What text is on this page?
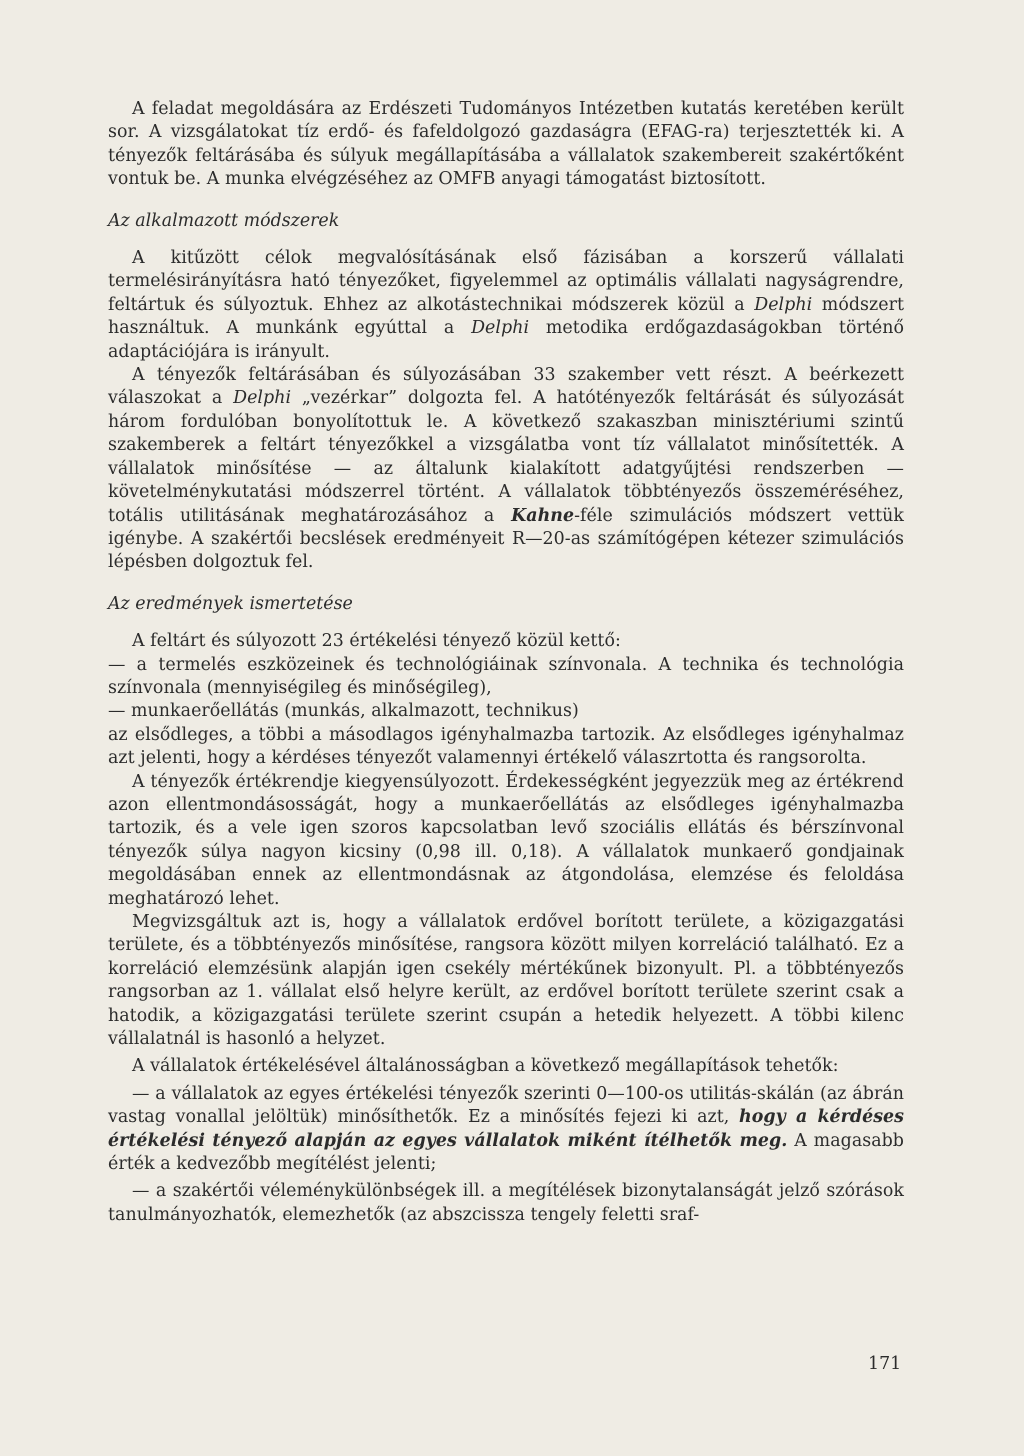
A feladat megoldására az Erdészeti Tudományos Intézetben kutatás keretében került sor. A vizsgálatokat tíz erdő- és fafeldolgozó gazdaságra (EFAG-ra) terjesztették ki. A tényezők feltárásába és súlyuk megállapításába a vállalatok szakembereit szakértőként vontuk be. A munka elvégzéséhez az OMFB anyagi támogatást biztosított.

Az alkalmazott módszerek

A kitűzött célok megvalósításának első fázisában a korszerű vállalati termelésirányításra ható tényezőket, figyelemmel az optimális vállalati nagyságrendre, feltártuk és súlyoztuk. Ehhez az alkotástechnikai módszerek közül a Delphi módszert használtuk. A munkánk egyúttal a Delphi metodika erdőgazdaságokban történő adaptációjára is irányult.

A tényezők feltárásában és súlyozásában 33 szakember vett részt. A beérkezett válaszokat a Delphi „vezérkar” dolgozta fel. A hatótényezők feltárását és súlyozását három fordulóban bonyolítottuk le. A következő szakaszban minisztériumi szintű szakemberek a feltárt tényezőkkel a vizsgálatba vont tíz vállalatot minősítették. A vállalatok minősítése — az általunk kialakított adatgyűjtési rendszerben — követelménykutatási módszerrel történt. A vállalatok többtényezős összeméréséhez, totális utilitásának meghatározásához a Kahne-féle szimulációs módszert vettük igénybe. A szakértői becslések eredményeit R—20-as számítógépen kétezer szimulációs lépésben dolgoztuk fel.

Az eredmények ismertetése

A feltárt és súlyozott 23 értékelési tényező közül kettő:

— a termelés eszközeinek és technológiáinak színvonala. A technika és technológia színvonala (mennyiségileg és minőségileg),

— munkaerőellátás (munkás, alkalmazott, technikus)

az elsődleges, a többi a másodlagos igényhalmazba tartozik. Az elsődleges igényhalmaz azt jelenti, hogy a kérdéses tényezőt valamennyi értékelő válaszrtotta és rangsorolta.

A tényezők értékrendje kiegyensúlyozott. Érdekességként jegyezzük meg az értékrend azon ellentmondásosságát, hogy a munkaerőellátás az elsődleges igényhalmazba tartozik, és a vele igen szoros kapcsolatban levő szociális ellátás és bérszínvonal tényezők súlya nagyon kicsiny (0,98 ill. 0,18). A vállalatok munkaerő gondjainak megoldásában ennek az ellentmondásnak az átgondolása, elemzése és feloldása meghatározó lehet.

Megvizsgáltuk azt is, hogy a vállalatok erdővel borított területe, a közigazgatási területe, és a többtényezős minősítése, rangsora között milyen korreláció található. Ez a korreláció elemzésünk alapján igen csekély mértékűnek bizonyult. Pl. a többtényezős rangsorban az 1. vállalat első helyre került, az erdővel borított területe szerint csak a hatodik, a közigazgatási területe szerint csupán a hetedik helyezett. A többi kilenc vállalatnál is hasonló a helyzet.

A vállalatok értékelésével általánosságban a következő megállapítások tehetők:

— a vállalatok az egyes értékelési tényezők szerinti 0—100-os utilitás-skálán (az ábrán vastag vonallal jelöltük) minősíthetők. Ez a minősítés fejezi ki azt, hogy a kérdéses értékelési tényező alapján az egyes vállalatok miként ítélhetők meg. A magasabb érték a kedvezőbb megítélést jelenti;

— a szakértői véleménykülönbségek ill. a megítélések bizonytalanságát jelző szórások tanulmányozhatók, elemezhetők (az abszcissza tengely feletti sraf-

171
